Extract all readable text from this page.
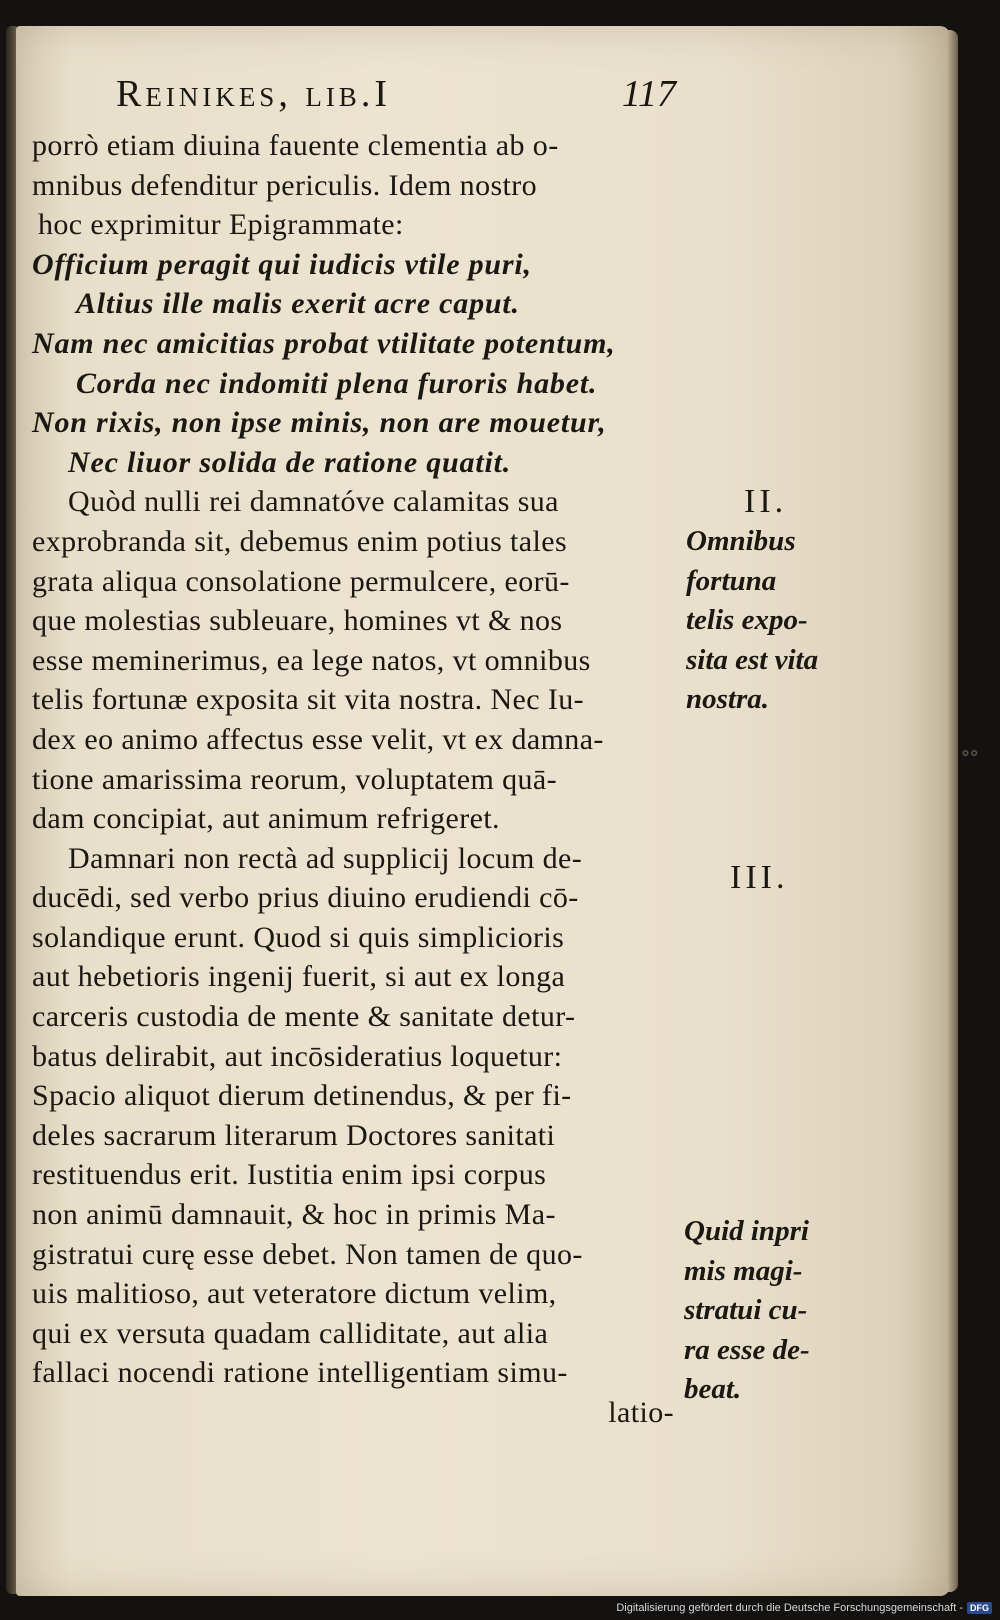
∘∘
Reinikes, lib.I	117
porrò etiam diuina fauente clementia ab o-
mnibus defenditur periculis. Idem nostro
hoc exprimitur Epigrammate:
Officium peragit qui iudicis vtile puri,
Altius ille malis exerit acre caput.
Nam nec amicitias probat vtilitate potentum,
Corda nec indomiti plena furoris habet.
Non rixis, non ipse minis, non are mouetur,
Nec liuor solida de ratione quatit.
Quòd nulli rei damnatóve calamitas sua
exprobranda sit, debemus enim potius tales
grata aliqua consolatione permulcere, eorū-
que molestias subleuare, homines vt & nos
esse meminerimus, ea lege natos, vt omnibus
telis fortunæ exposita sit vita nostra. Nec Iu-
dex eo animo affectus esse velit, vt ex damna-
tione amarissima reorum, voluptatem quā-
dam concipiat, aut animum refrigeret.
Damnari non rectà ad supplicij locum de-
ducēdi, sed verbo prius diuino erudiendi cō-
solandique erunt. Quod si quis simplicioris
aut hebetioris ingenij fuerit, si aut ex longa
carceris custodia de mente & sanitate detur-
batus delirabit, aut incōsideratius loquetur:
Spacio aliquot dierum detinendus, & per fi-
deles sacrarum literarum Doctores sanitati
restituendus erit. Iustitia enim ipsi corpus
non animū damnauit, & hoc in primis Ma-
gistratui curę esse debet. Non tamen de quo-
uis malitioso, aut veteratore dictum velim,
qui ex versuta quadam calliditate, aut alia
fallaci nocendi ratione intelligentiam simu-
latio-
II.
Omnibus
fortuna
telis expo-
sita est vita
nostra.
III.
Quid inpri
mis magi-
stratui cu-
ra esse de-
beat.
Digitalisierung gefördert durch die Deutsche Forschungsgemeinschaft - DFG
